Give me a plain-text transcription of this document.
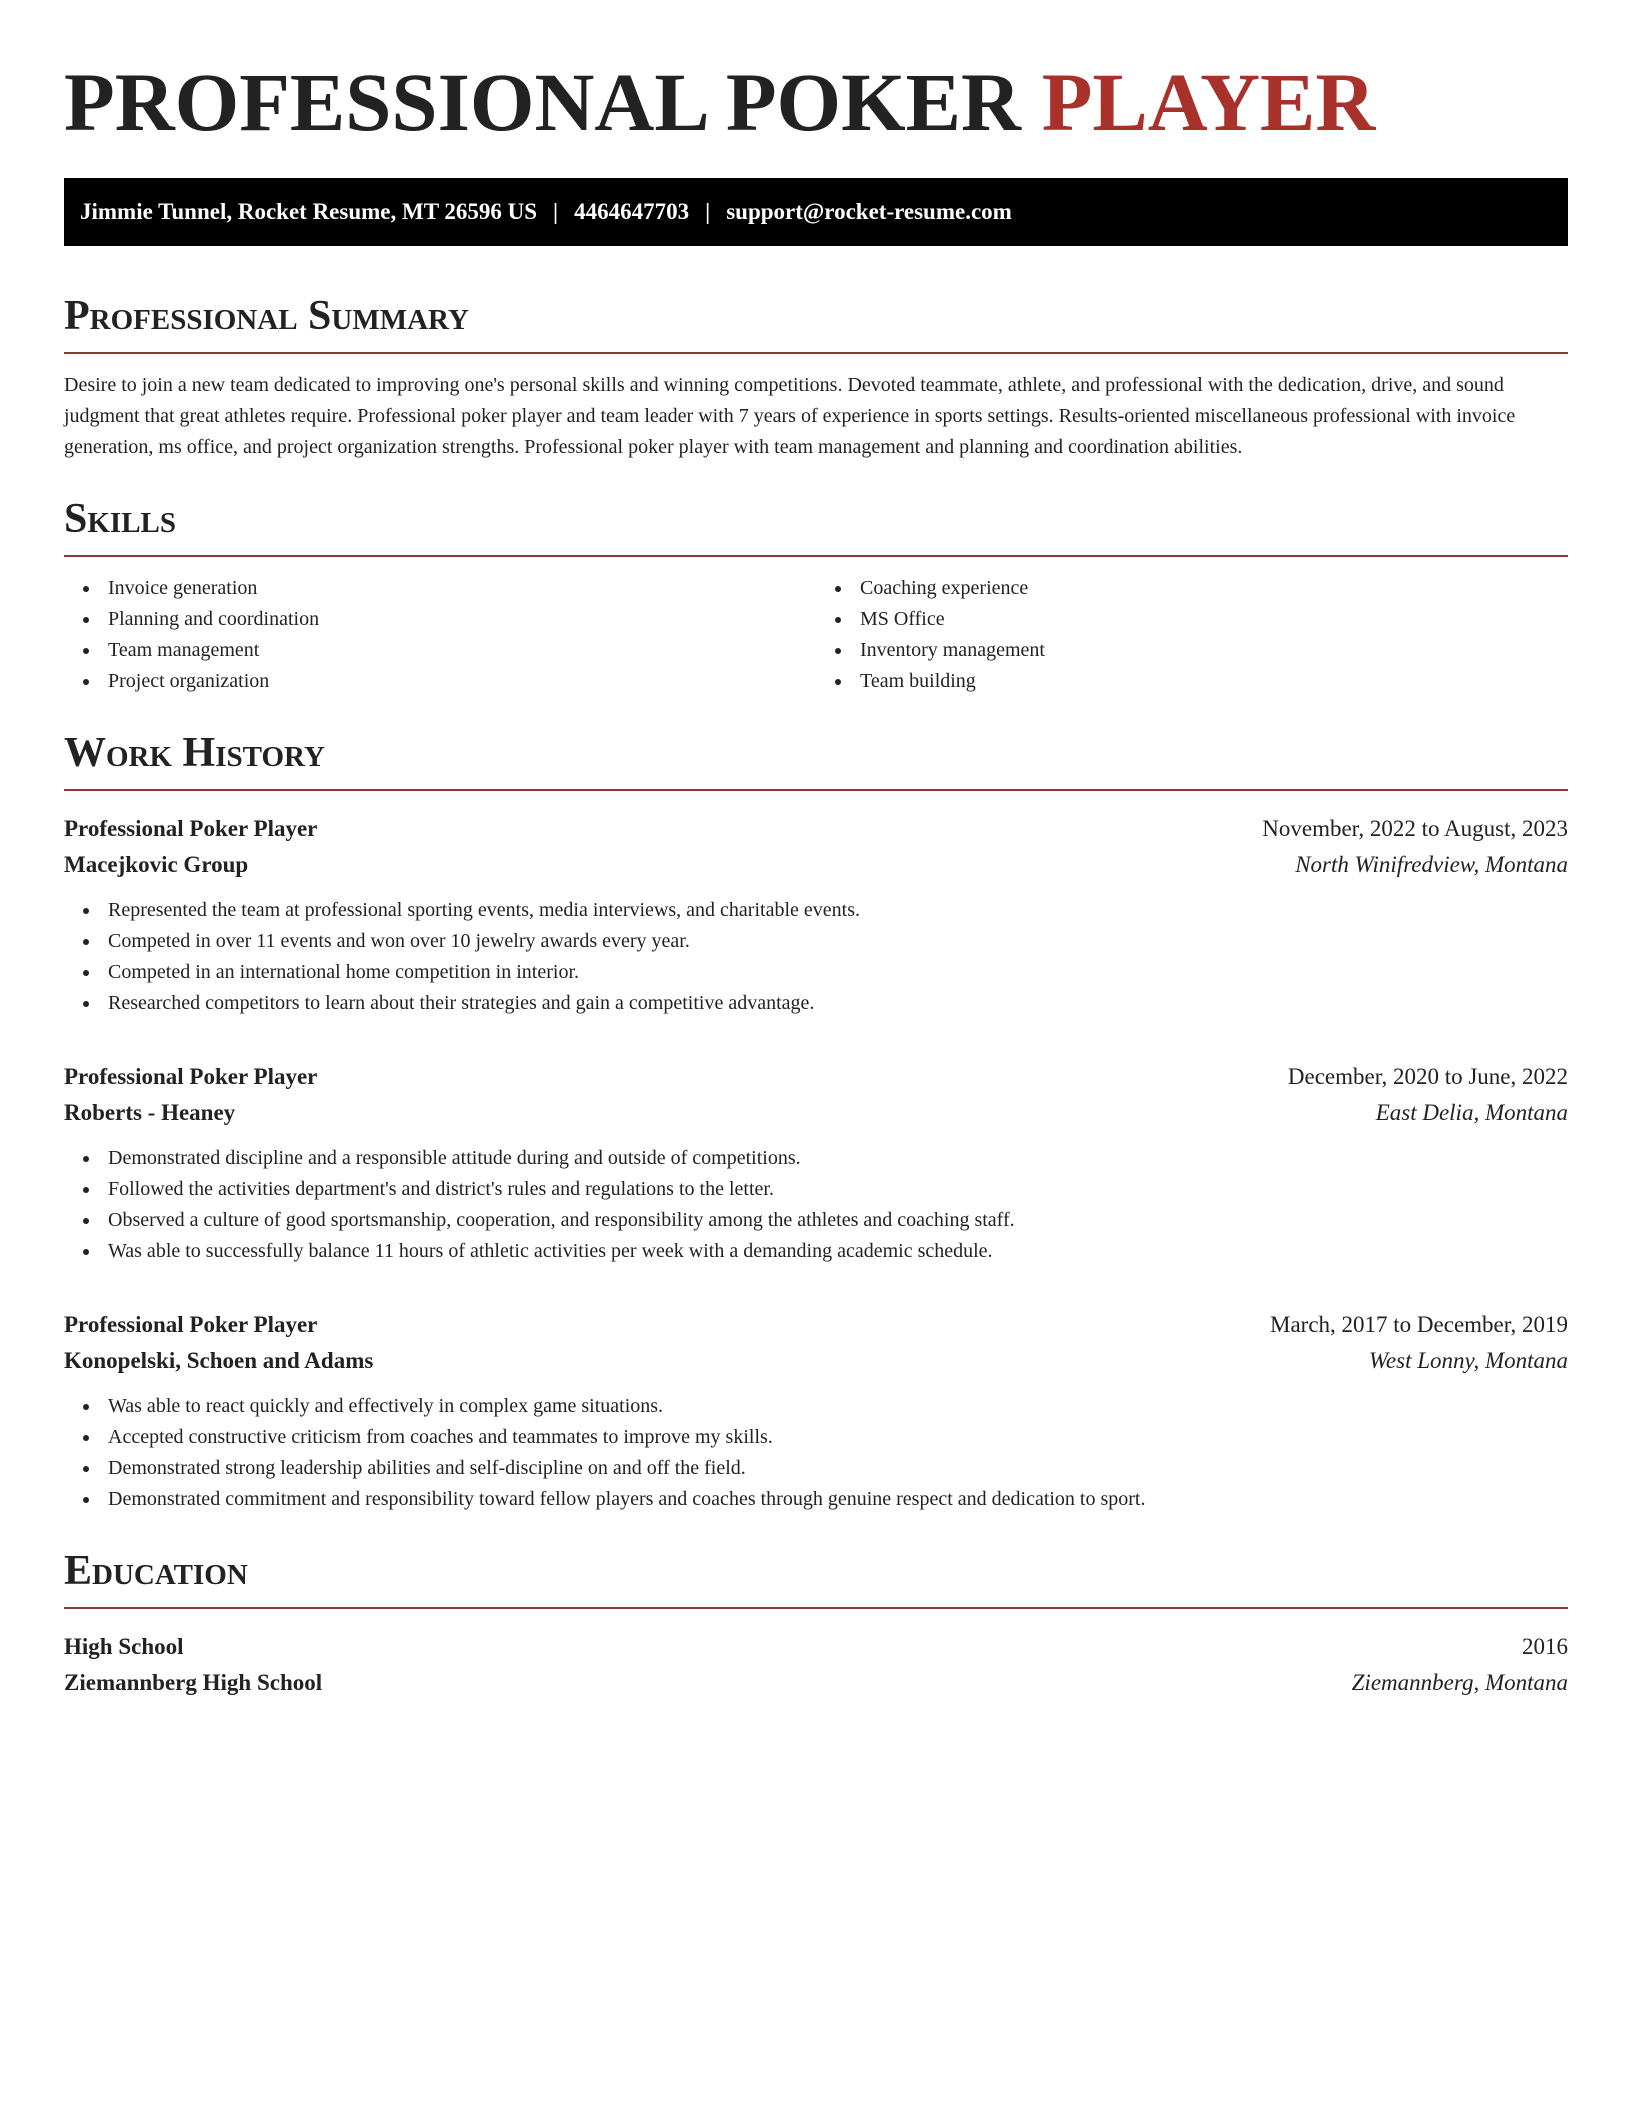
PROFESSIONAL POKER PLAYER
Jimmie Tunnel, Rocket Resume, MT 26596 US | 4464647703 | support@rocket-resume.com
Professional Summary

Desire to join a new team dedicated to improving one's personal skills and winning competitions. Devoted teammate, athlete, and professional with the dedication, drive, and sound judgment that great athletes require. Professional poker player and team leader with 7 years of experience in sports settings. Results-oriented miscellaneous professional with invoice generation, ms office, and project organization strengths. Professional poker player with team management and planning and coordination abilities.

Skills
Invoice generation
Planning and coordination
Team management
Project organization
Coaching experience
MS Office
Inventory management
Team building
Work History
Professional Poker Player	November, 2022 to August, 2023
Macejkovic Group	North Winifredview, Montana
Represented the team at professional sporting events, media interviews, and charitable events.
Competed in over 11 events and won over 10 jewelry awards every year.
Competed in an international home competition in interior.
Researched competitors to learn about their strategies and gain a competitive advantage.
Professional Poker Player	December, 2020 to June, 2022
Roberts - Heaney	East Delia, Montana
Demonstrated discipline and a responsible attitude during and outside of competitions.
Followed the activities department's and district's rules and regulations to the letter.
Observed a culture of good sportsmanship, cooperation, and responsibility among the athletes and coaching staff.
Was able to successfully balance 11 hours of athletic activities per week with a demanding academic schedule.
Professional Poker Player	March, 2017 to December, 2019
Konopelski, Schoen and Adams	West Lonny, Montana
Was able to react quickly and effectively in complex game situations.
Accepted constructive criticism from coaches and teammates to improve my skills.
Demonstrated strong leadership abilities and self-discipline on and off the field.
Demonstrated commitment and responsibility toward fellow players and coaches through genuine respect and dedication to sport.
Education
High School	2016
Ziemannberg High School	Ziemannberg, Montana
